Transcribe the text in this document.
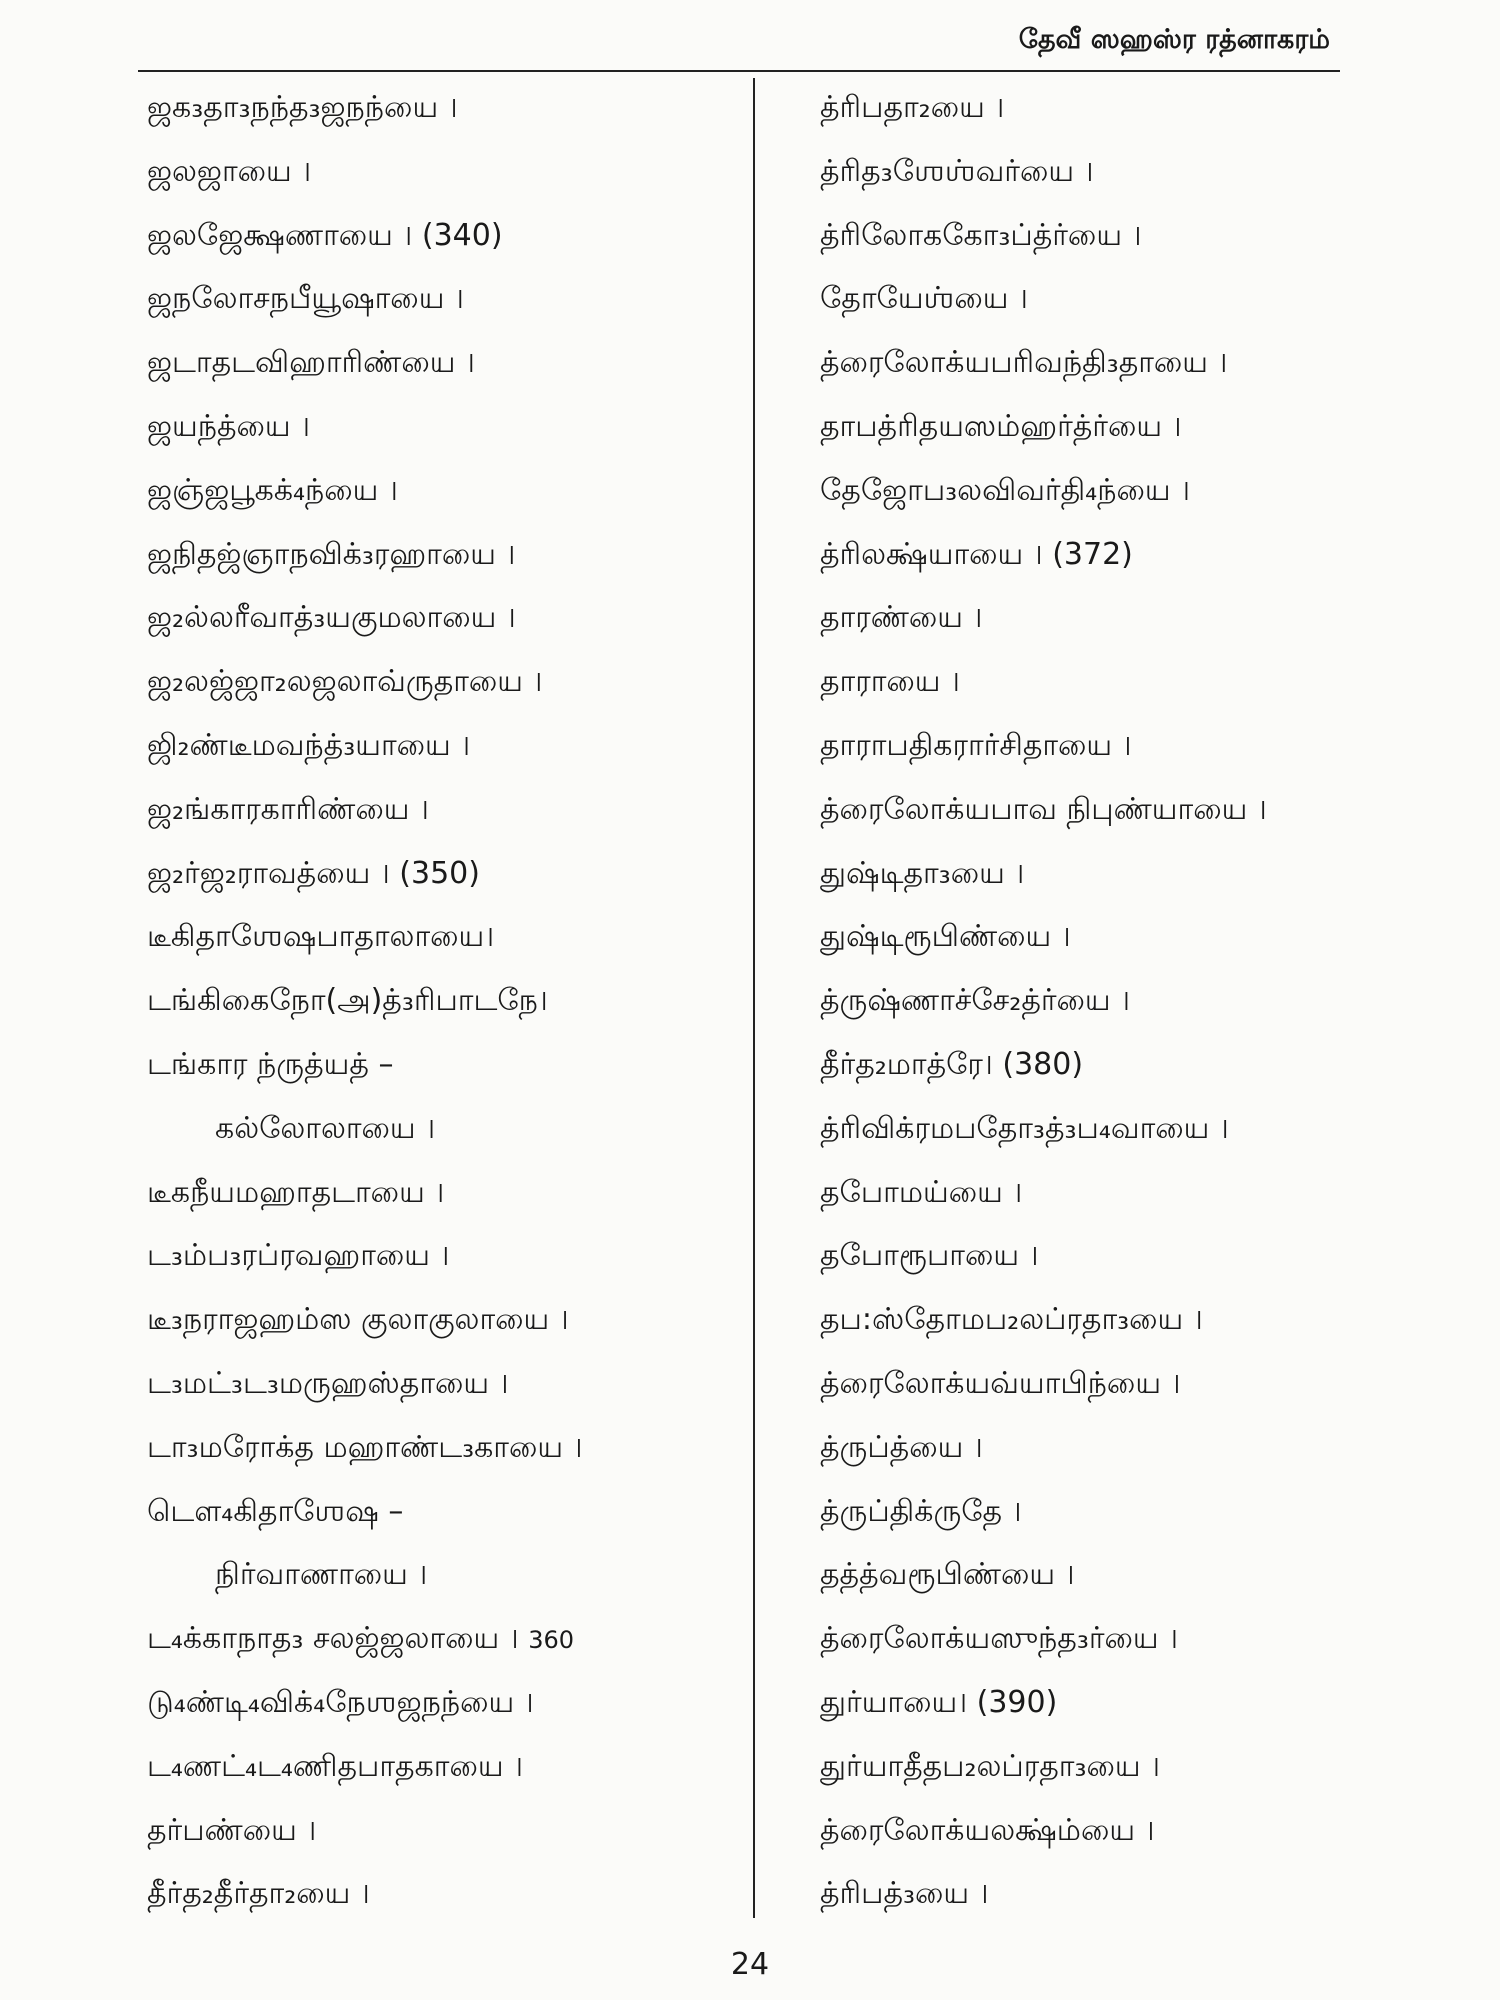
தேவீ ஸஹஸ்ர ரத்னாகரம்
ஜக₃தா₃நந்த₃ஜநந்யை ।
ஜலஜாயை ।
ஜலஜேக்ஷணாயை । (340)
ஜநலோசநபீயூஷாயை ।
ஜடாதடவிஹாரிண்யை ।
ஜயந்த்யை ।
ஜஞ்ஜபூகக்₄ந்யை ।
ஜநிதஜ்ஞாநவிக்₃ரஹாயை ।
ஜ₂ல்லரீவாத்₃யகுமலாயை ।
ஜ₂லஜ்ஜா₂லஜலாவ்ருதாயை ।
ஜி₂ண்டீமவந்த்₃யாயை ।
ஜ₂ங்காரகாரிண்யை ।
ஜ₂ர்ஜ₂ராவத்யை । (350)
டீகிதாஶேஷபாதாலாயை।
டங்கிகைநோ(அ)த்₃ரிபாடநே।
டங்கார ந்ருத்யத் –
கல்லோலாயை ।
டீகநீயமஹாதடாயை ।
ட₃ம்ப₃ரப்ரவஹாயை ।
டீ₃நராஜஹம்ஸ குலாகுலாயை ।
ட₃மட்₃ட₃மருஹஸ்தாயை ।
டா₃மரோக்த மஹாண்ட₃காயை ।
டௌ₄கிதாஶேஷ –
நிர்வாணாயை ।
ட₄க்காநாத₃ சலஜ்ஜலாயை । 360
டு₄ண்டி₄விக்₄நேஶஜநந்யை ।
ட₄ணட்₄ட₄ணிதபாதகாயை ।
தர்பண்யை ।
தீர்த₂தீர்தா₂யை ।
த்ரிபதா₂யை ।
த்ரித₃ஶேஶ்வர்யை ।
த்ரிலோககோ₃ப்த்ர்யை ।
தோயேஶ்யை ।
த்ரைலோக்யபரிவந்தி₃தாயை ।
தாபத்ரிதயஸம்ஹர்த்ர்யை ।
தேஜோப₃லவிவர்தி₄ந்யை ।
த்ரிலக்ஷ்யாயை । (372)
தாரண்யை ।
தாராயை ।
தாராபதிகரார்சிதாயை ।
த்ரைலோக்யபாவ நிபுண்யாயை ।
துஷ்டிதா₃யை ।
துஷ்டிரூபிண்யை ।
த்ருஷ்ணாச்சே₂த்ர்யை ।
தீர்த₂மாத்ரே। (380)
த்ரிவிக்ரமபதோ₃த்₃ப₄வாயை ।
தபோமய்யை ।
தபோரூபாயை ।
தப:ஸ்தோமப₂லப்ரதா₃யை ।
த்ரைலோக்யவ்யாபிந்யை ।
த்ருப்த்யை ।
த்ருப்திக்ருதே ।
தத்த்வரூபிண்யை ।
த்ரைலோக்யஸுந்த₃ர்யை ।
துர்யாயை। (390)
துர்யாதீதப₂லப்ரதா₃யை ।
த்ரைலோக்யலக்ஷ்ம்யை ।
த்ரிபத்₃யை ।
24
